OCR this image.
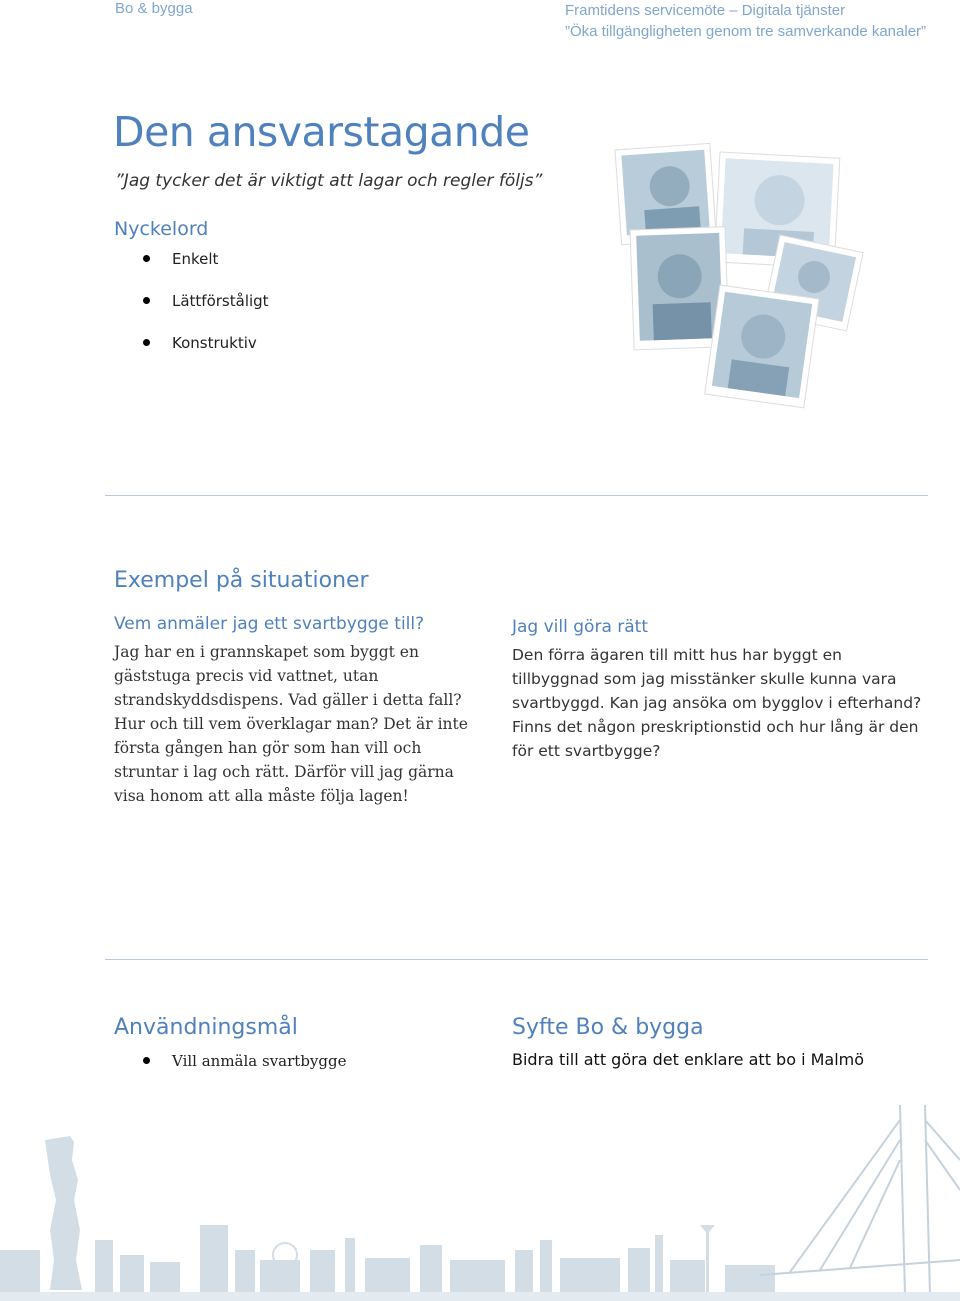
Bo & bygga	Framtidens servicemöte – Digitala tjänster
”Öka tillgängligheten genom tre samverkande kanaler”
Den ansvarstagande
”Jag tycker det är viktigt att lagar och regler följs”
Nyckelord
Enkelt
Lättförståligt
Konstruktiv
Exempel på situationer
Vem anmäler jag ett svartbygge till?
Jag har en i grannskapet som byggt en gäststuga precis vid vattnet, utan strandskyddsdispens. Vad gäller i detta fall? Hur och till vem överklagar man? Det är inte första gången han gör som han vill och struntar i lag och rätt. Därför vill jag gärna visa honom att alla måste följa lagen!
Jag vill göra rätt
Den förra ägaren till mitt hus har byggt en tillbyggnad som jag misstänker skulle kunna vara svartbyggd. Kan jag ansöka om bygglov i efterhand? Finns det någon preskriptionstid och hur lång är den för ett svartbygge?
Användningsmål
Vill anmäla svartbygge
Syfte Bo & bygga
Bidra till att göra det enklare att bo i Malmö
